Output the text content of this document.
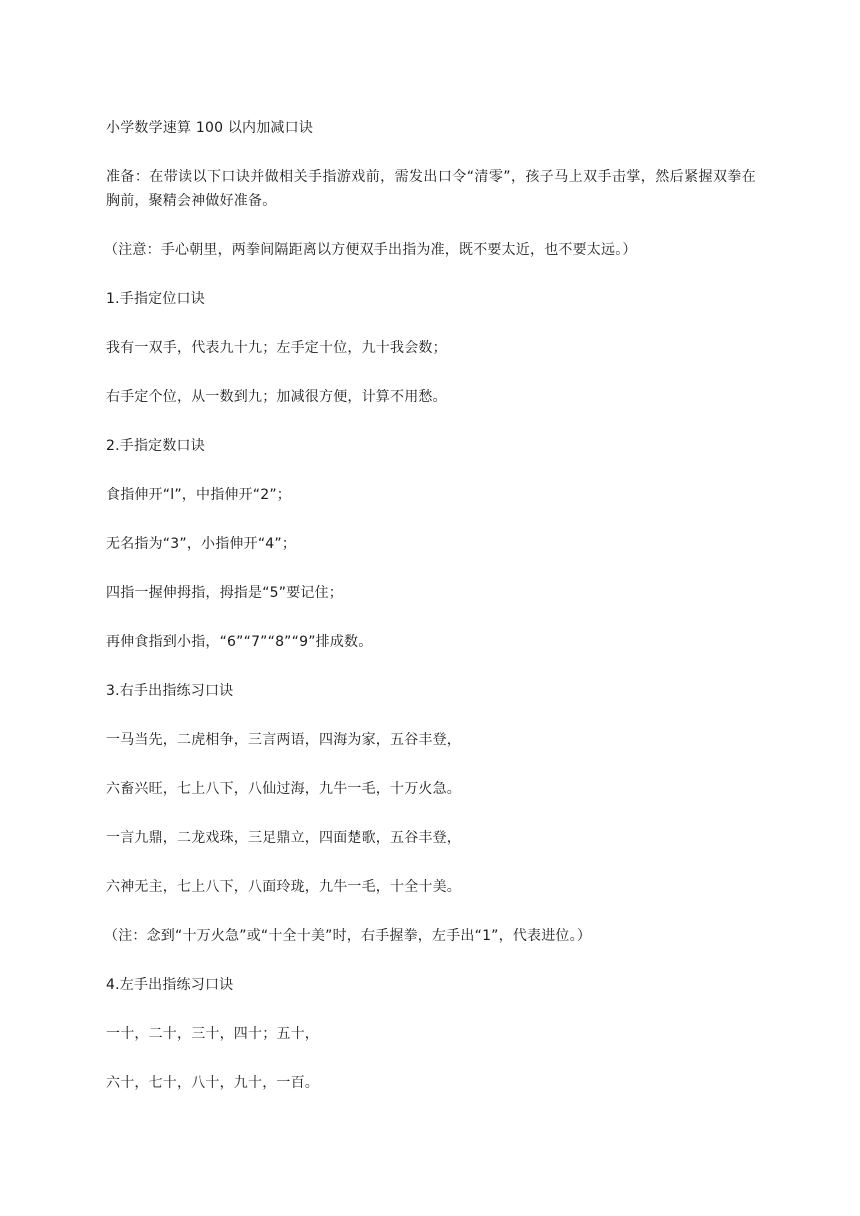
小学数学速算 100 以内加减口诀

准备：在带读以下口诀并做相关手指游戏前，需发出口令“清零”，孩子马上双手击掌，然后紧握双拳在胸前，聚精会神做好准备。

（注意：手心朝里，两拳间隔距离以方便双手出指为准，既不要太近，也不要太远。）

1.手指定位口诀

我有一双手，代表九十九；左手定十位，九十我会数；

右手定个位，从一数到九；加减很方便，计算不用愁。

2.手指定数口诀

食指伸开“l”，中指伸开“2”；

无名指为“3”，小指伸开“4”；

四指一握伸拇指，拇指是“5”要记住；

再伸食指到小指，“6”“7”“8”“9”排成数。

3.右手出指练习口诀

一马当先，二虎相争，三言两语，四海为家，五谷丰登，

六畜兴旺，七上八下，八仙过海，九牛一毛，十万火急。

一言九鼎，二龙戏珠，三足鼎立，四面楚歌，五谷丰登，

六神无主，七上八下，八面玲珑，九牛一毛，十全十美。

（注：念到“十万火急”或“十全十美”时，右手握拳，左手出“1”，代表进位。）

4.左手出指练习口诀

一十，二十，三十，四十；五十，

六十，七十，八十，九十，一百。
